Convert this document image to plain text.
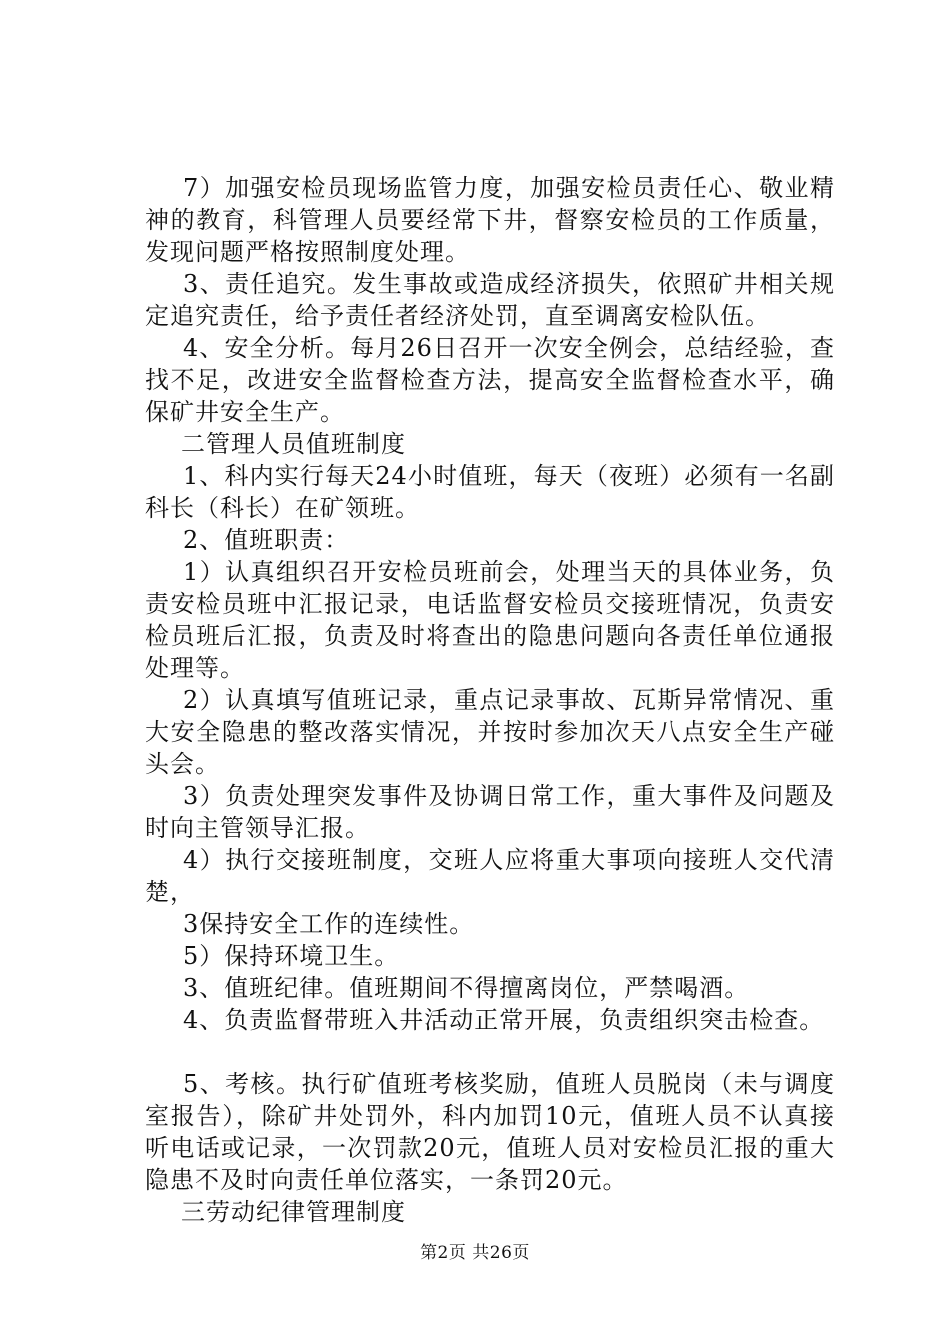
7）加强安检员现场监管力度，加强安检员责任心、敬业精神的教育，科管理人员要经常下井，督察安检员的工作质量，发现问题严格按照制度处理。

3、责任追究。发生事故或造成经济损失，依照矿井相关规定追究责任，给予责任者经济处罚，直至调离安检队伍。

4、安全分析。每月26日召开一次安全例会，总结经验，查找不足，改进安全监督检查方法，提高安全监督检查水平，确保矿井安全生产。

二管理人员值班制度

1、科内实行每天24小时值班，每天（夜班）必须有一名副科长（科长）在矿领班。

2、值班职责：

1）认真组织召开安检员班前会，处理当天的具体业务，负责安检员班中汇报记录，电话监督安检员交接班情况，负责安检员班后汇报，负责及时将查出的隐患问题向各责任单位通报处理等。

2）认真填写值班记录，重点记录事故、瓦斯异常情况、重大安全隐患的整改落实情况，并按时参加次天八点安全生产碰头会。

3）负责处理突发事件及协调日常工作，重大事件及问题及时向主管领导汇报。

4）执行交接班制度，交班人应将重大事项向接班人交代清楚，

3保持安全工作的连续性。

5）保持环境卫生。

3、值班纪律。值班期间不得擅离岗位，严禁喝酒。

4、负责监督带班入井活动正常开展，负责组织突击检查。

5、考核。执行矿值班考核奖励，值班人员脱岗（未与调度室报告），除矿井处罚外，科内加罚10元，值班人员不认真接听电话或记录，一次罚款20元，值班人员对安检员汇报的重大隐患不及时向责任单位落实，一条罚20元。

三劳动纪律管理制度

第2页 共26页
